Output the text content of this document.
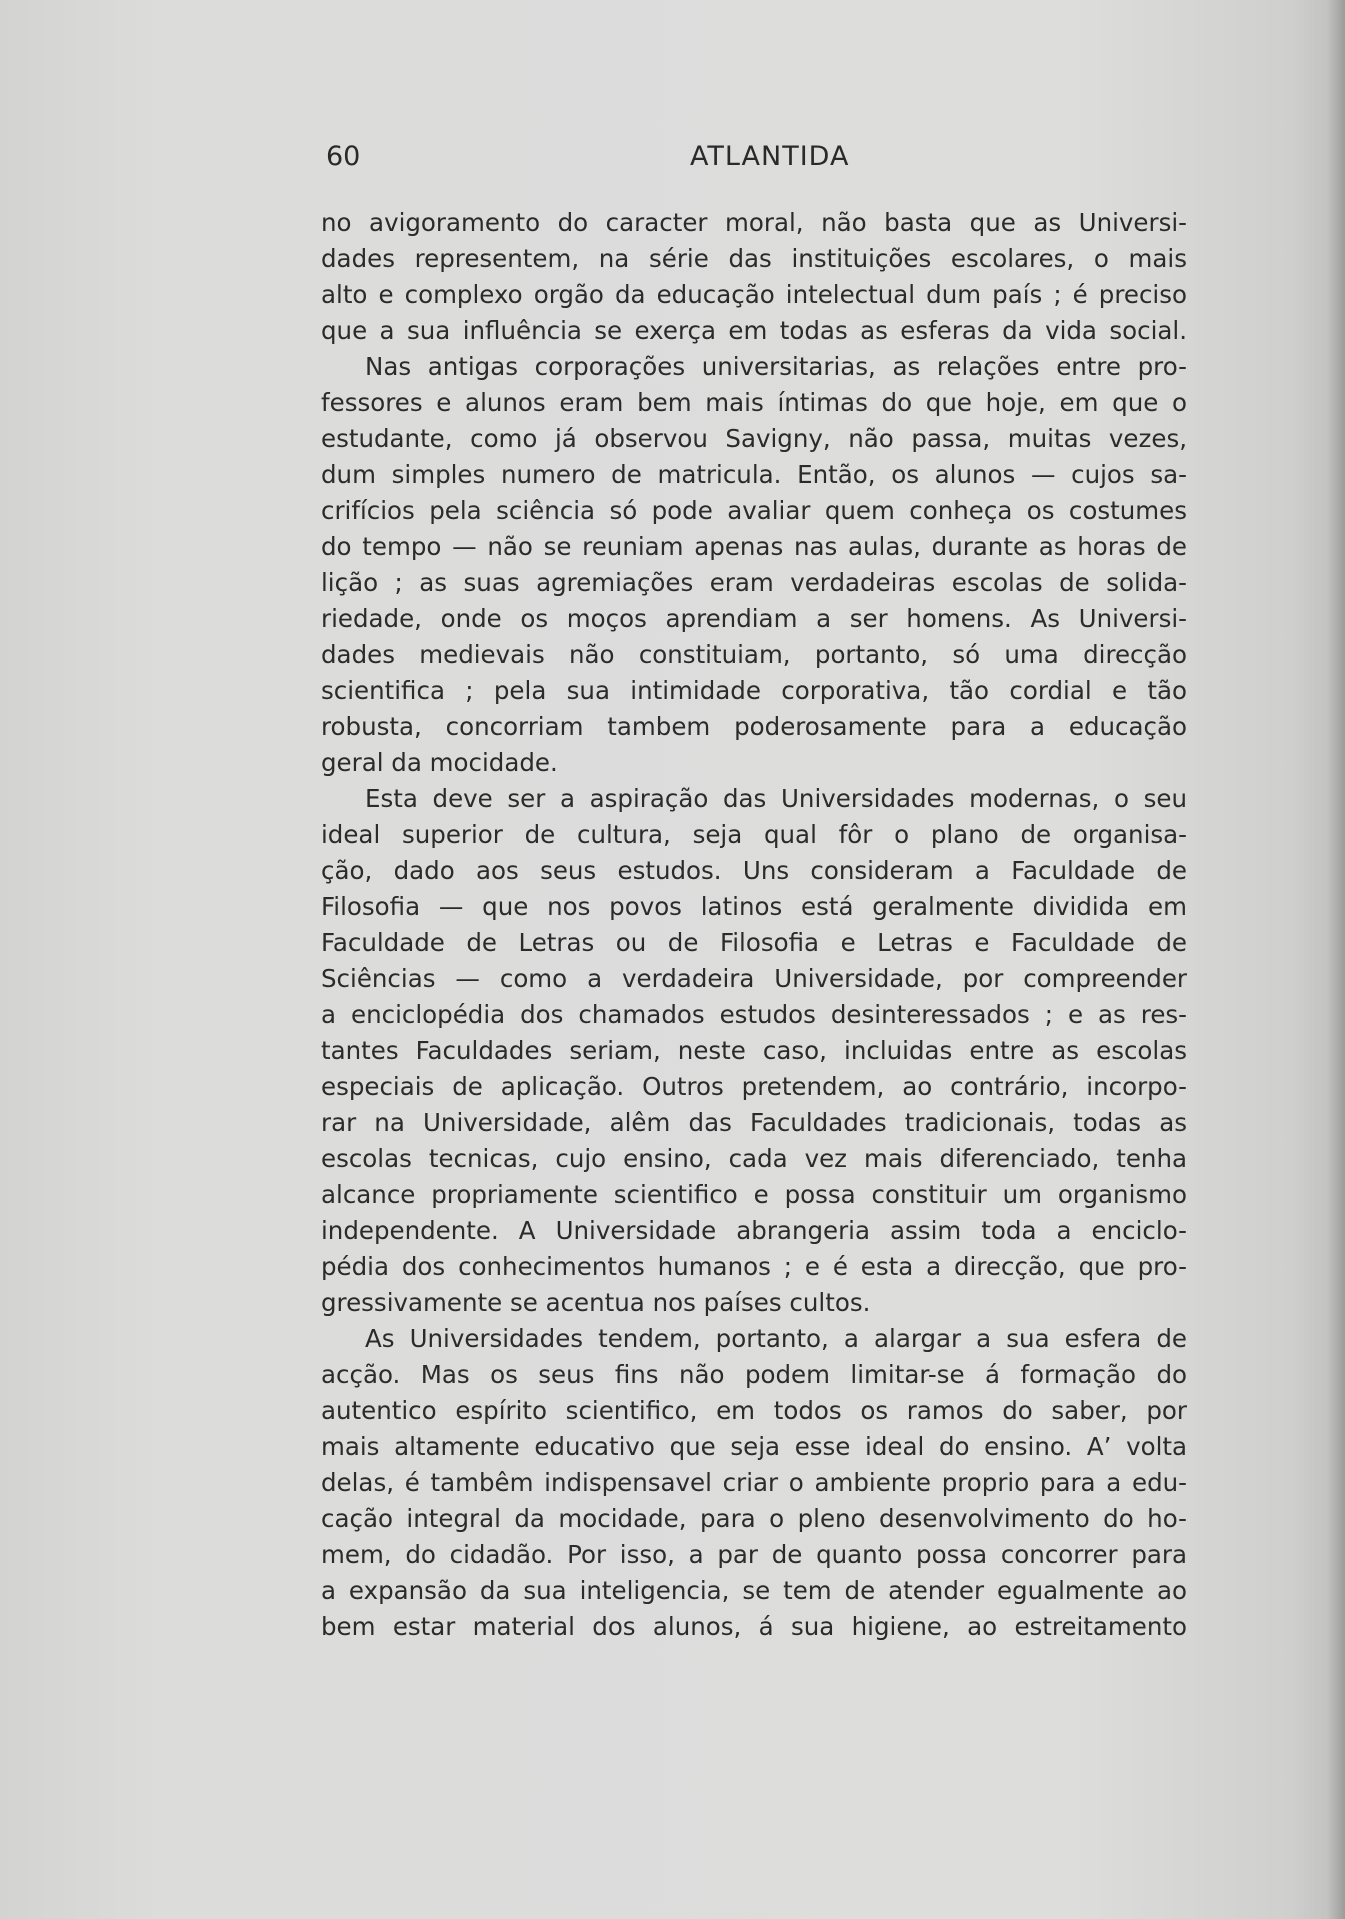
60	ATLANTIDA
no avigoramento do caracter moral, não basta que as Universi-
dades representem, na série das instituições escolares, o mais
alto e complexo orgão da educação intelectual dum país ; é preciso
que a sua influência se exerça em todas as esferas da vida social.
Nas antigas corporações universitarias, as relações entre pro-
fessores e alunos eram bem mais íntimas do que hoje, em que o
estudante, como já observou Savigny, não passa, muitas vezes,
dum simples numero de matricula. Então, os alunos — cujos sa-
crifícios pela sciência só pode avaliar quem conheça os costumes
do tempo — não se reuniam apenas nas aulas, durante as horas de
lição ; as suas agremiações eram verdadeiras escolas de solida-
riedade, onde os moços aprendiam a ser homens. As Universi-
dades medievais não constituiam, portanto, só uma direcção
scientifica ; pela sua intimidade corporativa, tão cordial e tão
robusta, concorriam tambem poderosamente para a educação
geral da mocidade.
Esta deve ser a aspiração das Universidades modernas, o seu
ideal superior de cultura, seja qual fôr o plano de organisa-
ção, dado aos seus estudos. Uns consideram a Faculdade de
Filosofia — que nos povos latinos está geralmente dividida em
Faculdade de Letras ou de Filosofia e Letras e Faculdade de
Sciências — como a verdadeira Universidade, por compreender
a enciclopédia dos chamados estudos desinteressados ; e as res-
tantes Faculdades seriam, neste caso, incluidas entre as escolas
especiais de aplicação. Outros pretendem, ao contrário, incorpo-
rar na Universidade, alêm das Faculdades tradicionais, todas as
escolas tecnicas, cujo ensino, cada vez mais diferenciado, tenha
alcance propriamente scientifico e possa constituir um organismo
independente. A Universidade abrangeria assim toda a enciclo-
pédia dos conhecimentos humanos ; e é esta a direcção, que pro-
gressivamente se acentua nos países cultos.
As Universidades tendem, portanto, a alargar a sua esfera de
acção. Mas os seus fins não podem limitar-se á formação do
autentico espírito scientifico, em todos os ramos do saber, por
mais altamente educativo que seja esse ideal do ensino. A’ volta
delas, é tambêm indispensavel criar o ambiente proprio para a edu-
cação integral da mocidade, para o pleno desenvolvimento do ho-
mem, do cidadão. Por isso, a par de quanto possa concorrer para
a expansão da sua inteligencia, se tem de atender egualmente ao
bem estar material dos alunos, á sua higiene, ao estreitamento
